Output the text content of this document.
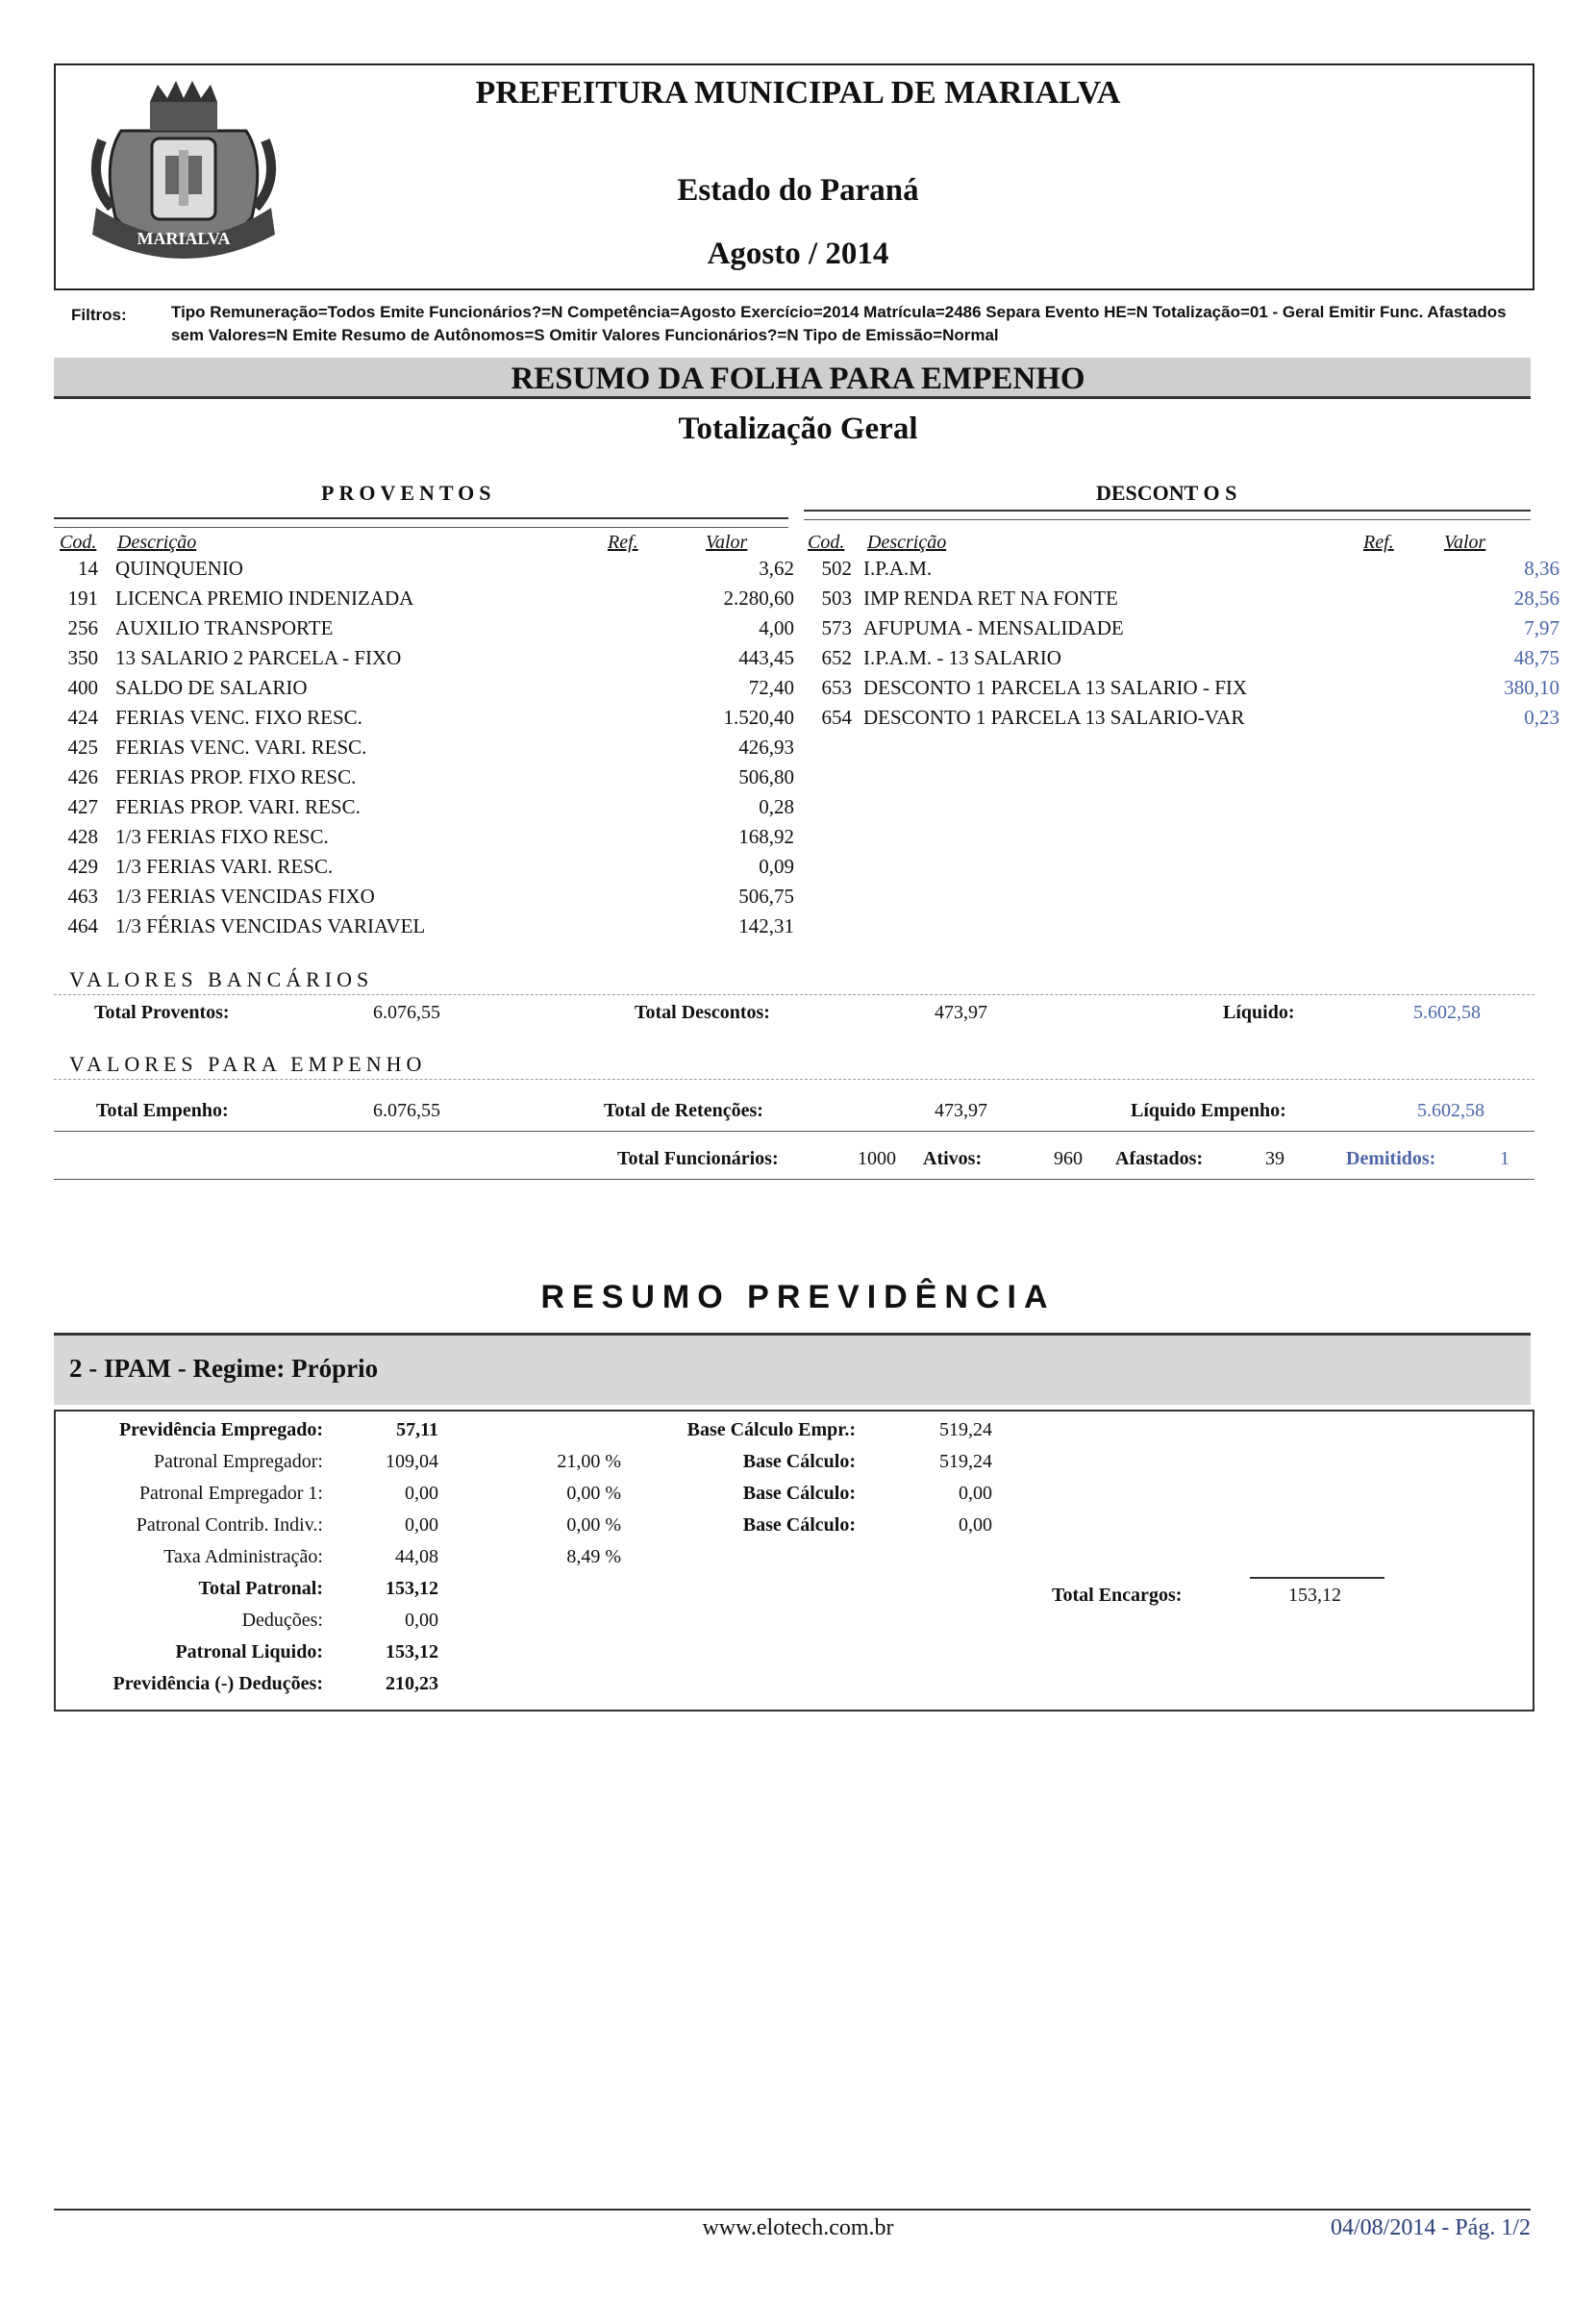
MARIALVA
PREFEITURA MUNICIPAL DE MARIALVA
Estado do Paraná
Agosto / 2014
Filtros:	Tipo Remuneração=Todos Emite Funcionários?=N Competência=Agosto Exercício=2014 Matrícula=2486 Separa Evento HE=N Totalização=01 - Geral Emitir Func. Afastados sem Valores=N Emite Resumo de Autônomos=S Omitir Valores Funcionários?=N Tipo de Emissão=Normal
RESUMO DA FOLHA PARA EMPENHO
Totalização Geral
PROVENTOS
Cod. Descrição	Ref.	Valor
14 QUINQUENIO	3,62
191 LICENCA PREMIO INDENIZADA	2.280,60
256 AUXILIO TRANSPORTE	4,00
350 13 SALARIO 2 PARCELA - FIXO	443,45
400 SALDO DE SALARIO	72,40
424 FERIAS VENC. FIXO RESC.	1.520,40
425 FERIAS VENC. VARI. RESC.	426,93
426 FERIAS PROP. FIXO RESC.	506,80
427 FERIAS PROP. VARI. RESC.	0,28
428 1/3 FERIAS FIXO RESC.	168,92
429 1/3 FERIAS VARI. RESC.	0,09
463 1/3 FERIAS VENCIDAS FIXO	506,75
464 1/3 FÉRIAS VENCIDAS VARIAVEL	142,31
DESCONT O S
Cod. Descrição	Ref.	Valor
502 I.P.A.M.	8,36
503 IMP RENDA RET NA FONTE	28,56
573 AFUPUMA - MENSALIDADE	7,97
652 I.P.A.M. - 13 SALARIO	48,75
653 DESCONTO 1 PARCELA 13 SALARIO - FIX	380,10
654 DESCONTO 1 PARCELA 13 SALARIO-VAR	0,23
VALORES BANCÁRIOS
Total Proventos:	6.076,55	Total Descontos:	473,97	Líquido:	5.602,58
VALORES PARA EMPENHO
Total Empenho:	6.076,55	Total de Retenções:	473,97	Líquido Empenho:	5.602,58
Total Funcionários:	1000 Ativos:	960 Afastados:	39	Demitidos:	1
RESUMO PREVIDÊNCIA
2 - IPAM - Regime: Próprio
Previdência Empregado:	57,11	Base Cálculo Empr.:	519,24
Patronal Empregador:	109,04	21,00 %	Base Cálculo:	519,24
Patronal Empregador 1:	0,00	0,00 %	Base Cálculo:	0,00
Patronal Contrib. Indiv.:	0,00	0,00 %	Base Cálculo:	0,00
Taxa Administração:	44,08	8,49 %
Total Patronal:	153,12
Deduções:	0,00
Patronal Liquido:	153,12
Previdência (-) Deduções:	210,23
Total Encargos:	153,12
www.elotech.com.br	04/08/2014 - Pág. 1/2
